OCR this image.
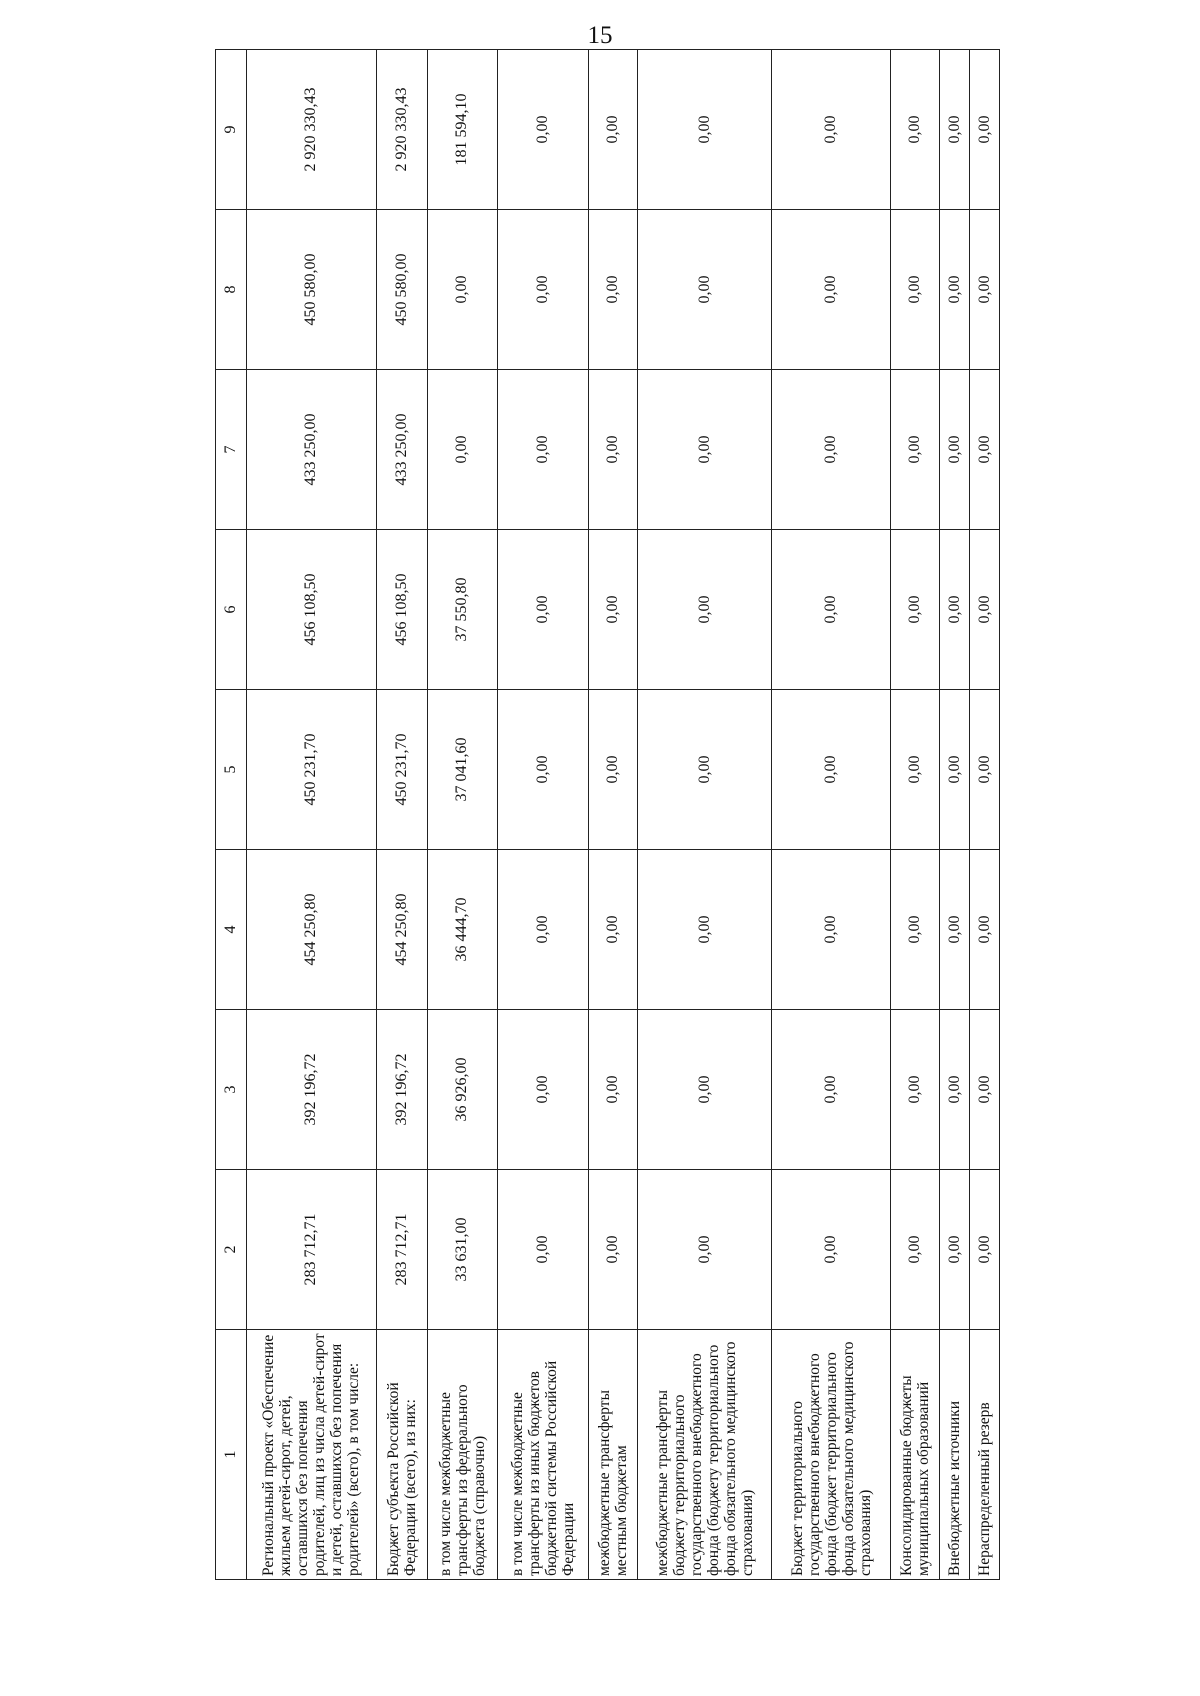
15
1	2	3	4	5	6	7	8	9
Региональный проект «Обеспечение жильем детей-сирот, детей, оставшихся без попечения родителей, лиц из числа детей-сирот и детей, оставшихся без попечения родителей» (всего), в том числе:	283 712,71	392 196,72	454 250,80	450 231,70	456 108,50	433 250,00	450 580,00	2 920 330,43
Бюджет субъекта Российской Федерации (всего), из них:	283 712,71	392 196,72	454 250,80	450 231,70	456 108,50	433 250,00	450 580,00	2 920 330,43
в том числе межбюджетные трансферты из федерального бюджета (справочно)	33 631,00	36 926,00	36 444,70	37 041,60	37 550,80	0,00	0,00	181 594,10
в том числе межбюджетные трансферты из иных бюджетов бюджетной системы Российской Федерации	0,00	0,00	0,00	0,00	0,00	0,00	0,00	0,00
межбюджетные трансферты местным бюджетам	0,00	0,00	0,00	0,00	0,00	0,00	0,00	0,00
межбюджетные трансферты бюджету территориального государственного внебюджетного фонда (бюджету территориального фонда обязательного медицинского страхования)	0,00	0,00	0,00	0,00	0,00	0,00	0,00	0,00
Бюджет территориального государственного внебюджетного фонда (бюджет территориального фонда обязательного медицинского страхования)	0,00	0,00	0,00	0,00	0,00	0,00	0,00	0,00
Консолидированные бюджеты муниципальных образований	0,00	0,00	0,00	0,00	0,00	0,00	0,00	0,00
Внебюджетные источники	0,00	0,00	0,00	0,00	0,00	0,00	0,00	0,00
Нераспределенный резерв	0,00	0,00	0,00	0,00	0,00	0,00	0,00	0,00
